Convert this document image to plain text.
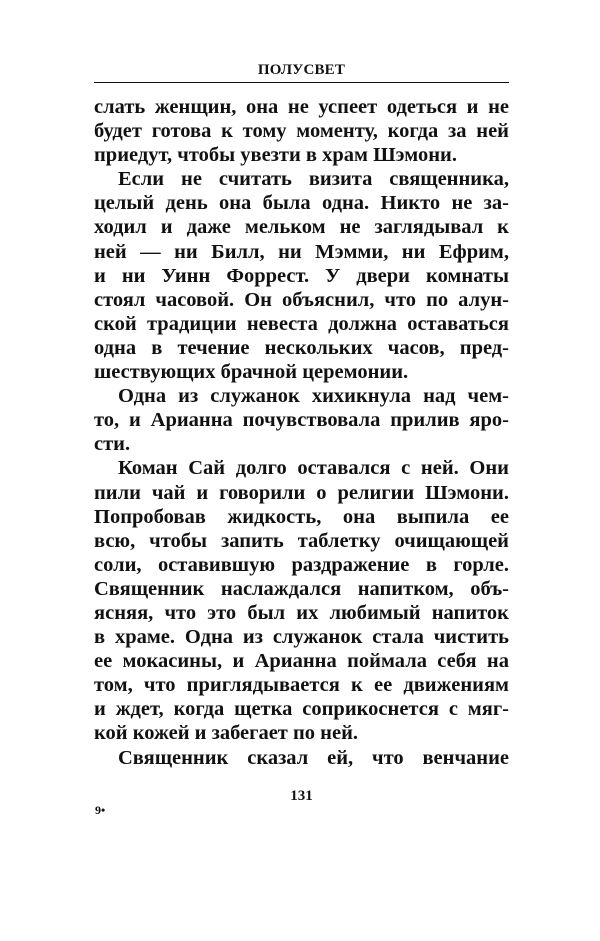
ПОЛУСВЕТ
слать женщин, она не успеет одеться и не
будет готова к тому моменту, когда за ней
приедут, чтобы увезти в храм Шэмони.
Если не считать визита священника,
целый день она была одна. Никто не за-
ходил и даже мельком не заглядывал к
ней — ни Билл, ни Мэмми, ни Ефрим,
и ни Уинн Форрест. У двери комнаты
стоял часовой. Он объяснил, что по алун-
ской традиции невеста должна оставаться
одна в течение нескольких часов, пред-
шествующих брачной церемонии.
Одна из служанок хихикнула над чем-
то, и Арианна почувствовала прилив яро-
сти.
Коман Сай долго оставался с ней. Они
пили чай и говорили о религии Шэмони.
Попробовав жидкость, она выпила ее
всю, чтобы запить таблетку очищающей
соли, оставившую раздражение в горле.
Священник наслаждался напитком, объ-
ясняя, что это был их любимый напиток
в храме. Одна из служанок стала чистить
ее мокасины, и Арианна поймала себя на
том, что приглядывается к ее движениям
и ждет, когда щетка соприкоснется с мяг-
кой кожей и забегает по ней.
Священник сказал ей, что венчание
131
9•
